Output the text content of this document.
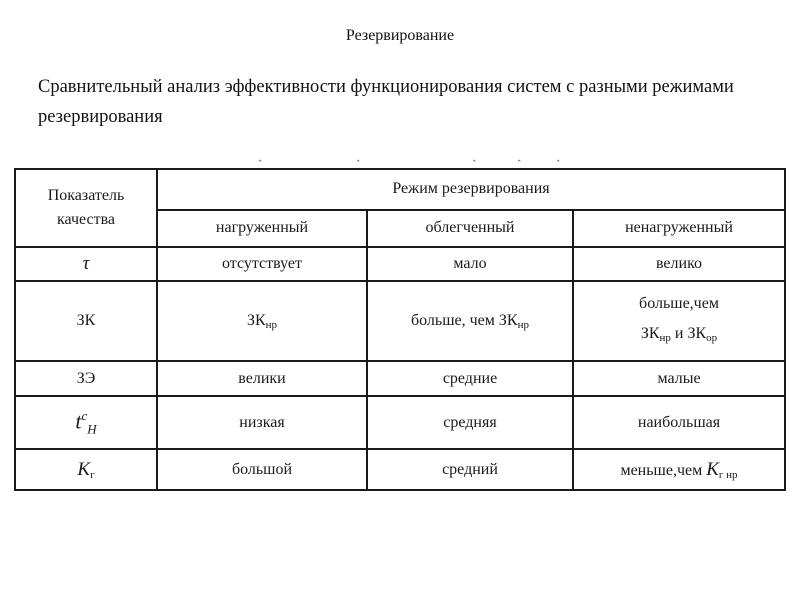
Резервирование
Сравнительный анализ эффективности функционирования систем с разными режимами резервирования
ˆ	ˆ	ˆ	ˆ	ˆ
Показатель
качества	Режим резервирования		
	нагруженный	облегченный	ненагруженный
τ	отсутствует	мало	велико
ЗК	$ЗК_{нр}$	больше, чем $ЗК_{нр}$	больше,чем
$ЗК_{нр}$ и $ЗК_{ор}$

ЗЭ	велики	средние	малые
$t^c_H$	низкая	средняя	наибольшая
$K_г$	большой	средний	меньше,чем $K_{г нр}$
